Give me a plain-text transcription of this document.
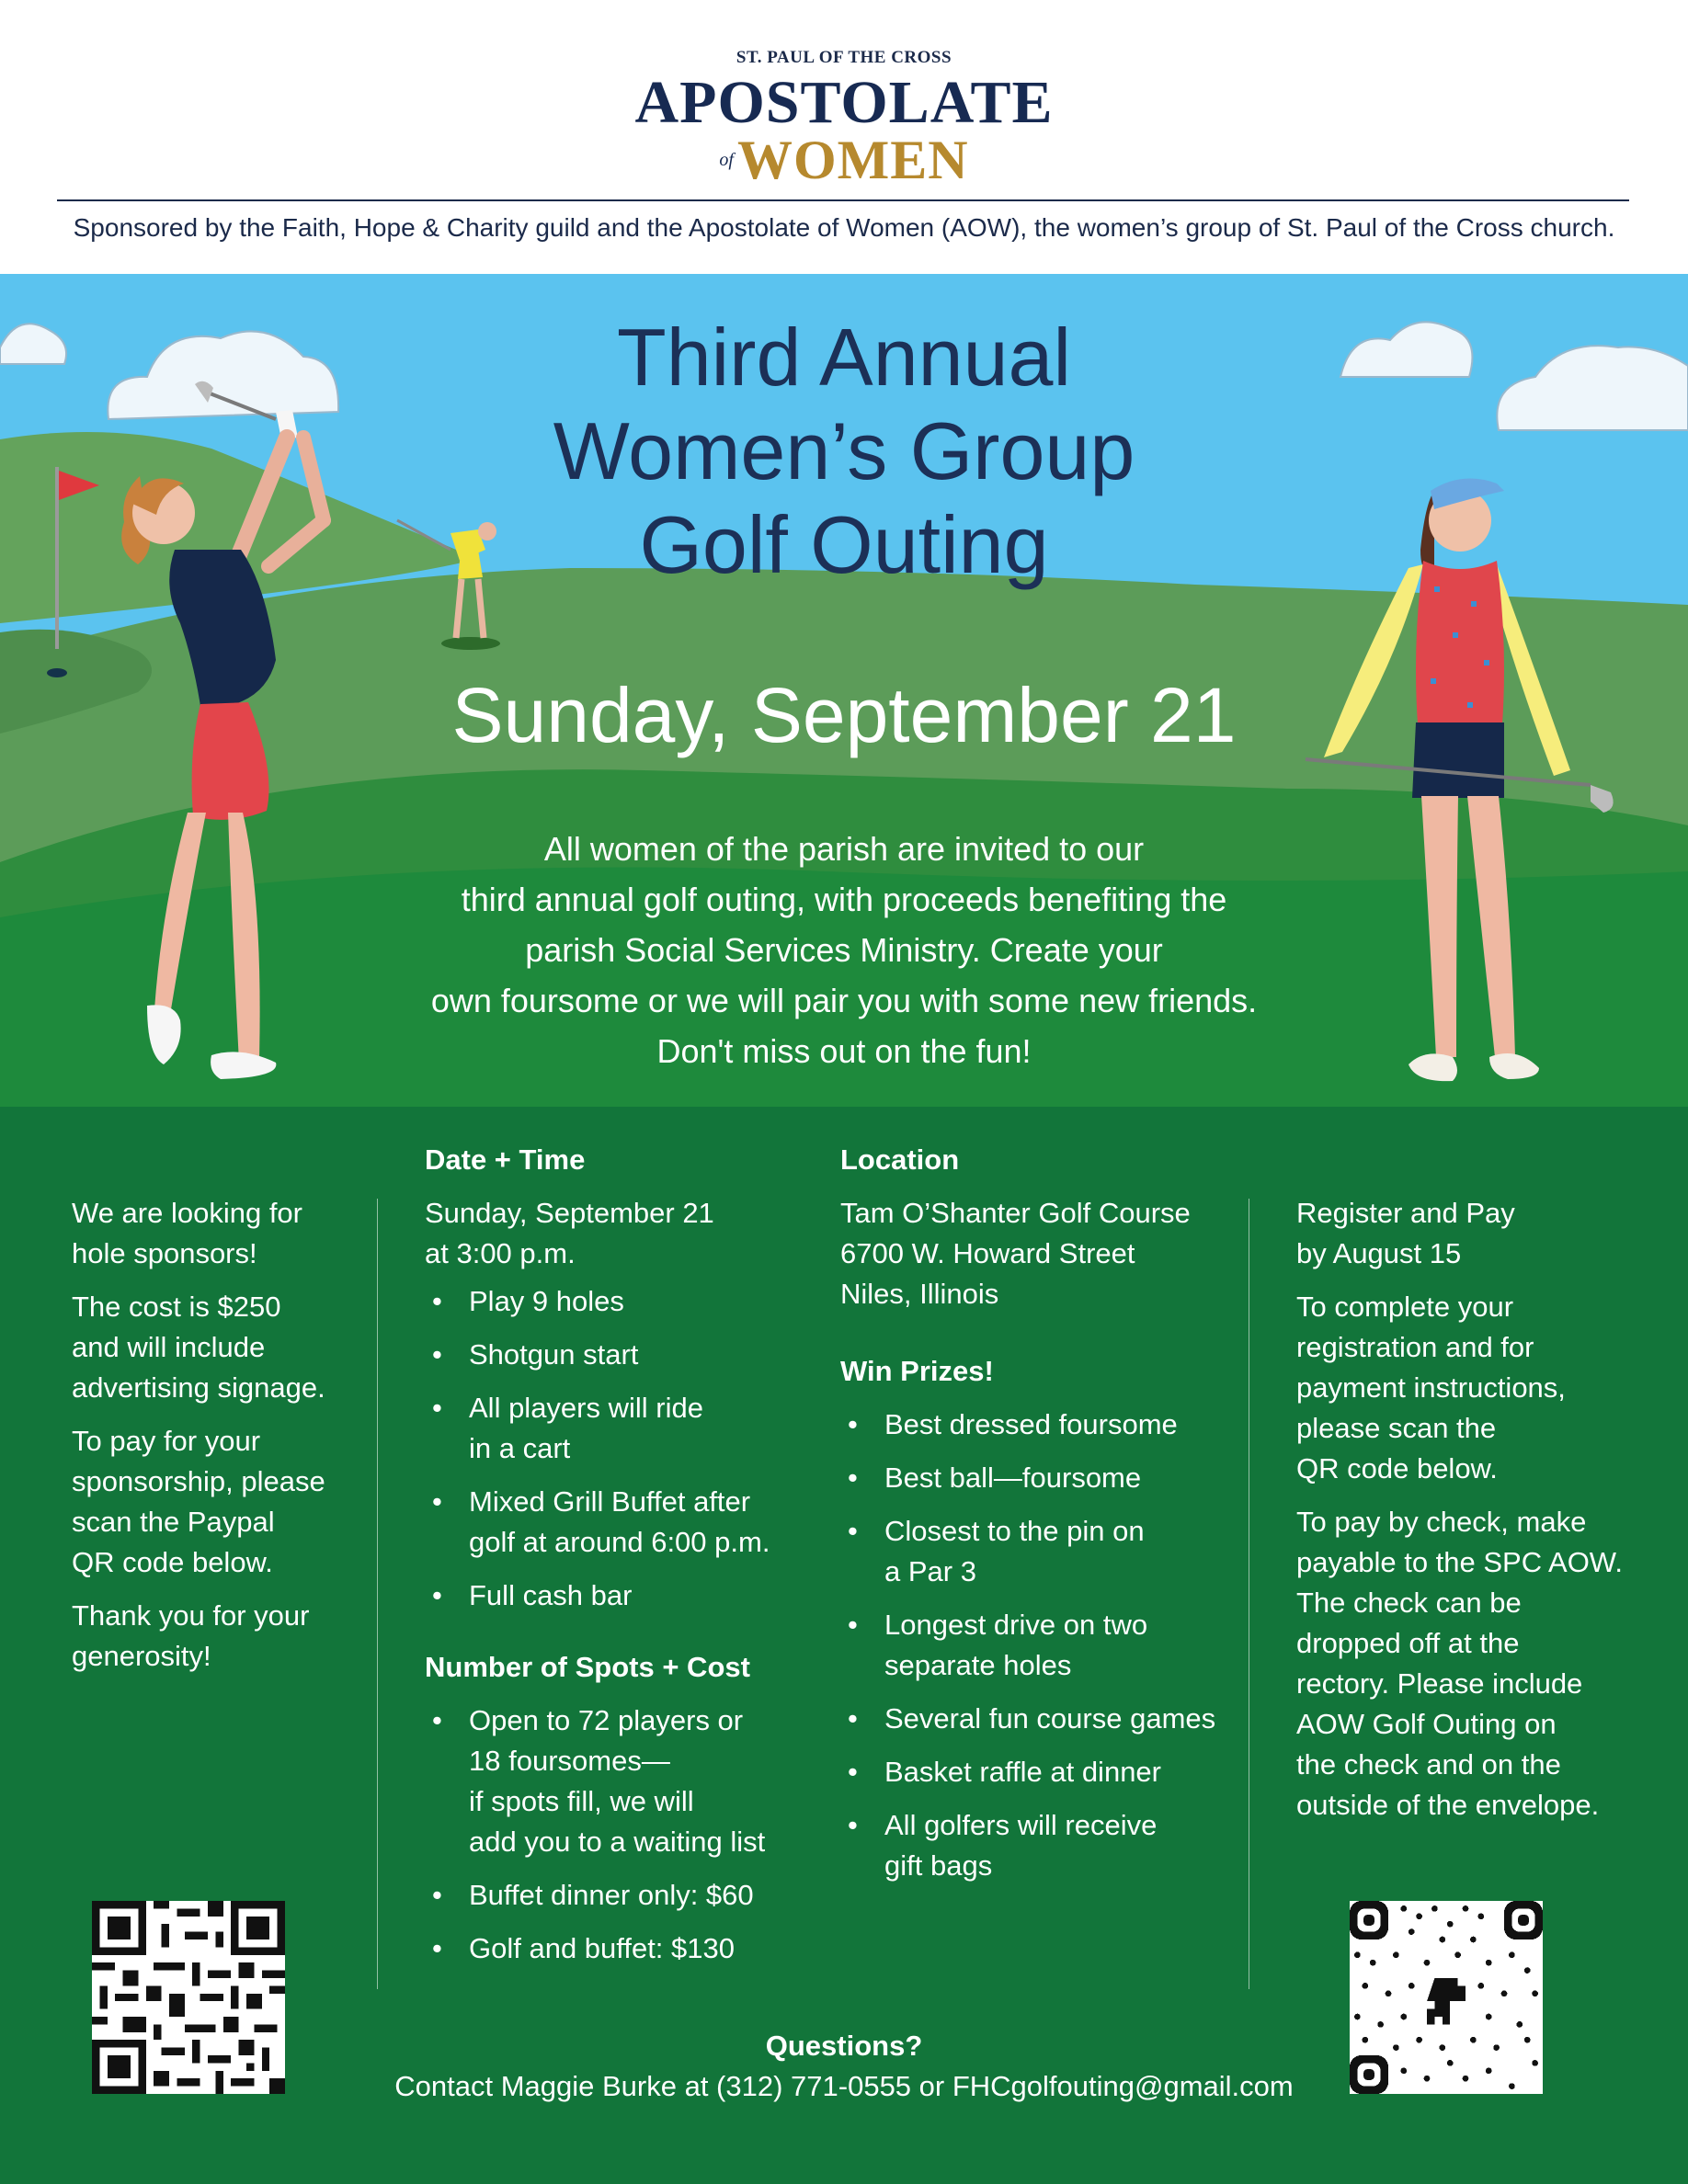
ST. PAUL OF THE CROSS
APOSTOLATE
ofWOMEN
Sponsored by the Faith, Hope & Charity guild and the Apostolate of Women (AOW), the women’s group of St. Paul of the Cross church.
Third Annual
Women’s Group
Golf Outing
Sunday, September 21
All women of the parish are invited to our
third annual golf outing, with proceeds benefiting the
parish Social Services Ministry. Create your
own foursome or we will pair you with some new friends.
Don't miss out on the fun!

We are looking for
hole sponsors!

The cost is $250
and will include
advertising signage.

To pay for your
sponsorship, please
scan the Paypal
QR code below.

Thank you for your
generosity!

Date + Time

Sunday, September 21
at 3:00 p.m.

• Play 9 holes
• Shotgun start
• All players will ride
in a cart
• Mixed Grill Buffet after
golf at around 6:00 p.m.
• Full cash bar
Number of Spots + Cost
• Open to 72 players or
18 foursomes—
if spots fill, we will
add you to a waiting list
• Buffet dinner only: $60
• Golf and buffet: $130
Location

Tam O’Shanter Golf Course
6700 W. Howard Street
Niles, Illinois

Win Prizes!
• Best dressed foursome
• Best ball—foursome
• Closest to the pin on
a Par 3
• Longest drive on two
separate holes
• Several fun course games
• Basket raffle at dinner
• All golfers will receive
gift bags

Register and Pay
by August 15

To complete your
registration and for
payment instructions,
please scan the
QR code below.

To pay by check, make
payable to the SPC AOW.
The check can be
dropped off at the
rectory. Please include
AOW Golf Outing on
the check and on the
outside of the envelope.

Questions?
Contact Maggie Burke at (312) 771-0555 or FHCgolfouting@gmail.com
